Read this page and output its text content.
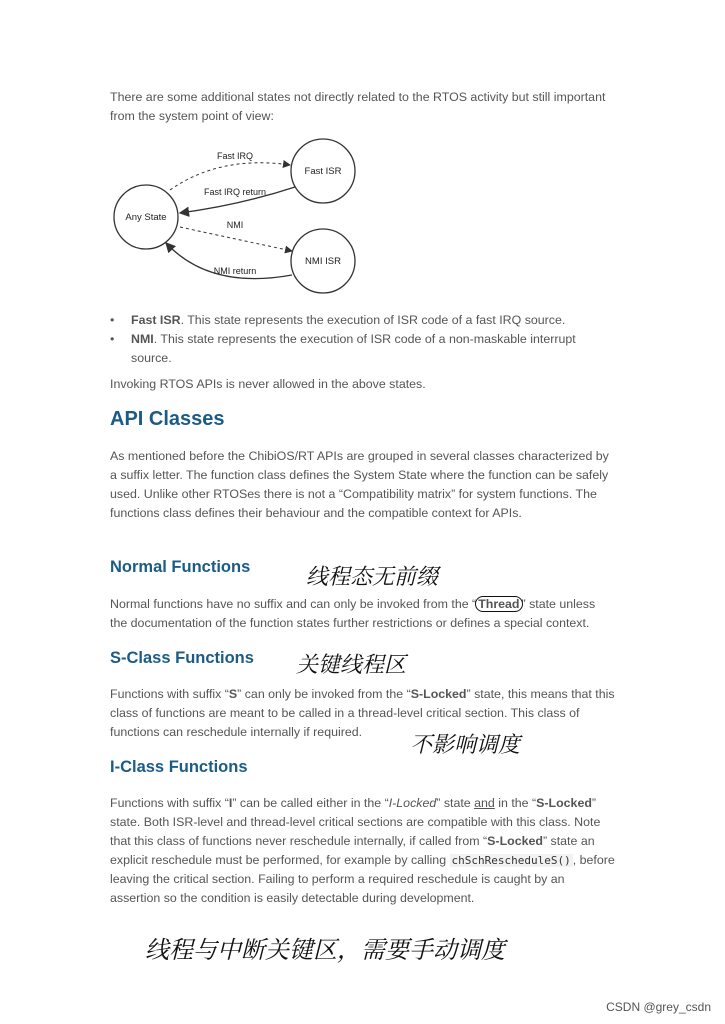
There are some additional states not directly related to the RTOS activity but still important from the system point of view:

Any State
Fast ISR
NMI ISR
Fast IRQ
Fast IRQ return
NMI
NMI return
• Fast ISR. This state represents the execution of ISR code of a fast IRQ source.
• NMI. This state represents the execution of ISR code of a non-maskable interrupt source.

Invoking RTOS APIs is never allowed in the above states.

API Classes

As mentioned before the ChibiOS/RT APIs are grouped in several classes characterized by a suffix letter. The function class defines the System State where the function can be safely used. Unlike other RTOSes there is not a “Compatibility matrix” for system functions. The functions class defines their behaviour and the compatible context for APIs.

Normal Functions

Normal functions have no suffix and can only be invoked from the “ Thread ” state unless the documentation of the function states further restrictions or defines a special context.

S-Class Functions

Functions with suffix “S” can only be invoked from the “S-Locked” state, this means that this class of functions are meant to be called in a thread-level critical section. This class of functions can reschedule internally if required.

I-Class Functions

Functions with suffix “I” can be called either in the “I-Locked” state and in the “S-Locked” state. Both ISR-level and thread-level critical sections are compatible with this class. Note that this class of functions never reschedule internally, if called from “S-Locked” state an explicit reschedule must be performed, for example by calling chSchRescheduleS() , before leaving the critical section. Failing to perform a required reschedule is caught by an assertion so the condition is easily detectable during development.

线程态无前缀
关键线程区
不影响调度
线程与中断关键区，需要手动调度
CSDN @grey_csdn
